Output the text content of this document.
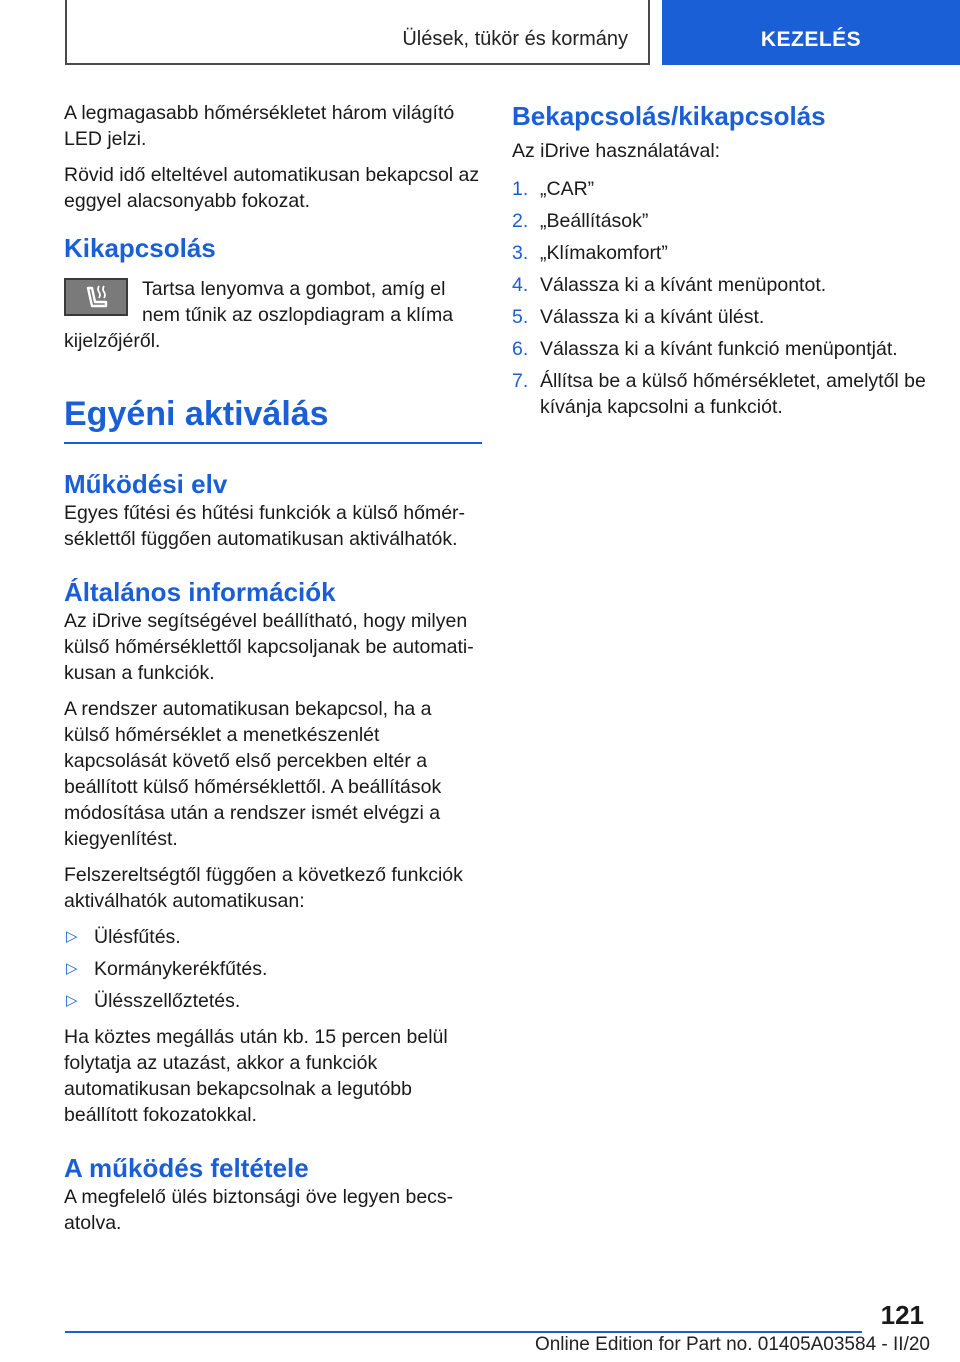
Ülések, tükör és kormány	KEZELÉS

A legmagasabb hőmérsékletet három világító LED jelzi.

Rövid idő elteltével automatikusan bekapcsol az eggyel alacsonyabb fokozat.

Kikapcsolás

Tartsa lenyomva a gombot, amíg el nem tűnik az oszlopdiagram a klíma kijelzőjéről.

Egyéni aktiválás
Működési elv

Egyes fűtési és hűtési funkciók a külső hőmérséklettől függően automatikusan aktiválhatók.

Általános információk

Az iDrive segítségével beállítható, hogy milyen külső hőmérséklettől kapcsoljanak be automatikusan a funkciók.

A rendszer automatikusan bekapcsol, ha a külső hőmérséklet a menetkészenlét kapcsolását követő első percekben eltér a beállított külső hőmérséklettől. A beállítások módosítása után a rendszer ismét elvégzi a kiegyenlítést.

Felszereltségtől függően a következő funkciók aktiválhatók automatikusan:

▷ Ülésfűtés.
▷ Kormánykerékfűtés.
▷ Ülésszellőztetés.

Ha köztes megállás után kb. 15 percen belül folytatja az utazást, akkor a funkciók automatikusan bekapcsolnak a legutóbb beállított fokozatokkal.

A működés feltétele

A megfelelő ülés biztonsági öve legyen becsatolva.

Bekapcsolás/kikapcsolás

Az iDrive használatával:

1. „CAR”
2. „Beállítások”
3. „Klímakomfort”
4. Válassza ki a kívánt menüpontot.
5. Válassza ki a kívánt ülést.
6. Válassza ki a kívánt funkció menüpontját.
7. Állítsa be a külső hőmérsékletet, amelytől be kívánja kapcsolni a funkciót.
121
Online Edition for Part no. 01405A03584 - II/20
